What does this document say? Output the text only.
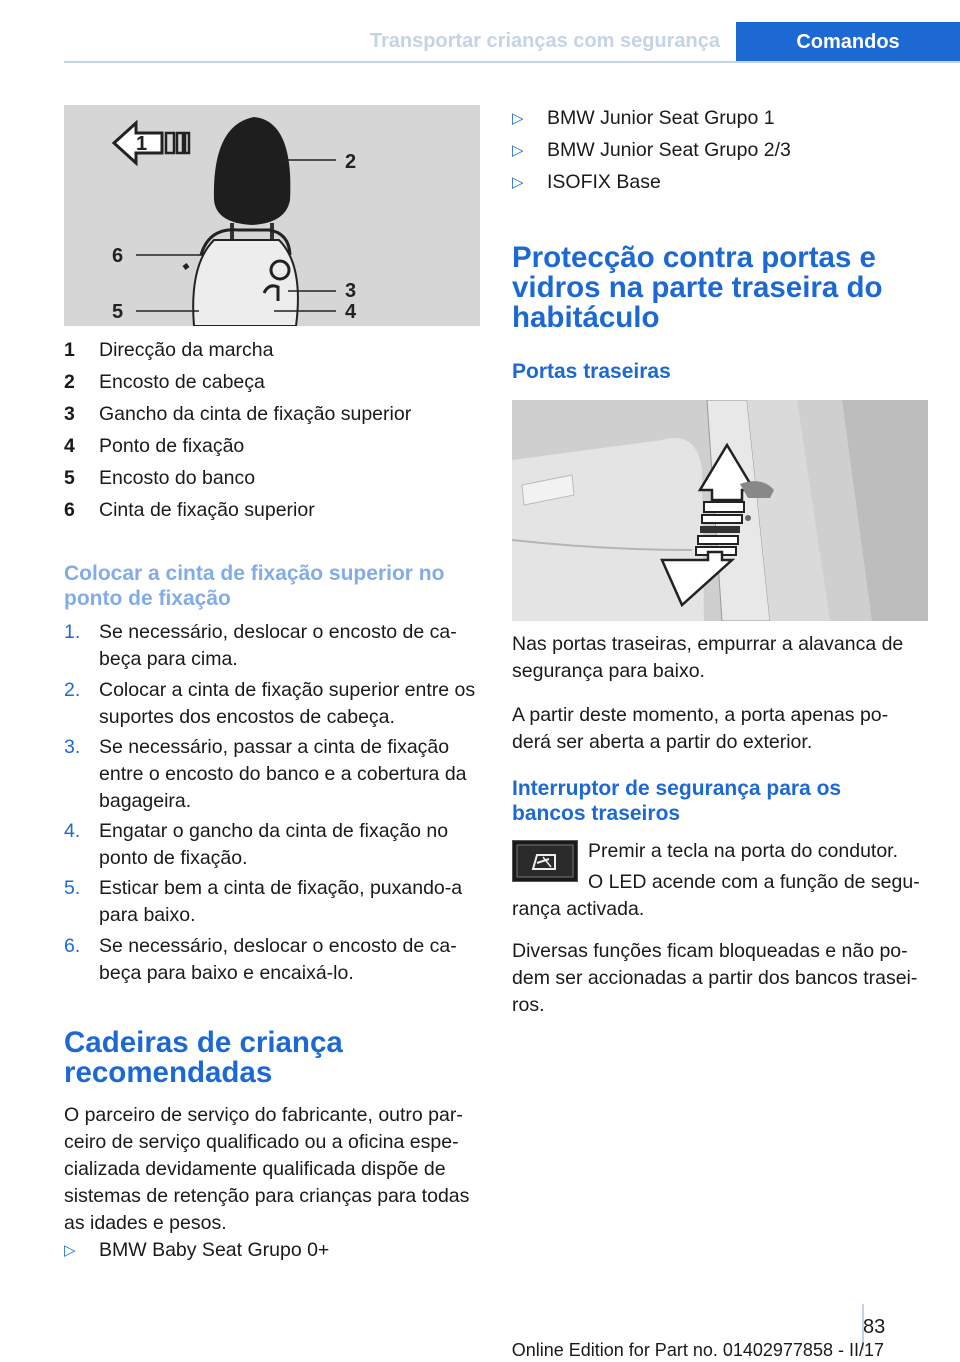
Transportar crianças com segurança	Comandos
1
2
6
3
5	4
1 Direcção da marcha
2 Encosto de cabeça
3 Gancho da cinta de fixação superior
4 Ponto de fixação
5 Encosto do banco
6 Cinta de fixação superior
Colocar a cinta de fixação superior no
ponto de fixação
1. Se necessário, deslocar o encosto de ca‐
beça para cima.
2. Colocar a cinta de fixação superior entre os
suportes dos encostos de cabeça.
3. Se necessário, passar a cinta de fixação
entre o encosto do banco e a cobertura da
bagageira.
4. Engatar o gancho da cinta de fixação no
ponto de fixação.
5. Esticar bem a cinta de fixação, puxando-a
para baixo.
6. Se necessário, deslocar o encosto de ca‐
beça para baixo e encaixá-lo.
Cadeiras de criança
recomendadas
O parceiro de serviço do fabricante, outro par‐
ceiro de serviço qualificado ou a oficina espe‐
cializada devidamente qualificada dispõe de
sistemas de retenção para crianças para todas
as idades e pesos.
▷ BMW Baby Seat Grupo 0+
▷ BMW Junior Seat Grupo 1
▷ BMW Junior Seat Grupo 2/3
▷ ISOFIX Base
Protecção contra portas e
vidros na parte traseira do
habitáculo
Portas traseiras
Nas portas traseiras, empurrar a alavanca de
segurança para baixo.
A partir deste momento, a porta apenas po‐
derá ser aberta a partir do exterior.
Interruptor de segurança para os
bancos traseiros
Premir a tecla na porta do condutor.
O LED acende com a função de segu‐
rança activada.
Diversas funções ficam bloqueadas e não po‐
dem ser accionadas a partir dos bancos trasei‐
ros.
83
Online Edition for Part no. 01402977858 - II/17
